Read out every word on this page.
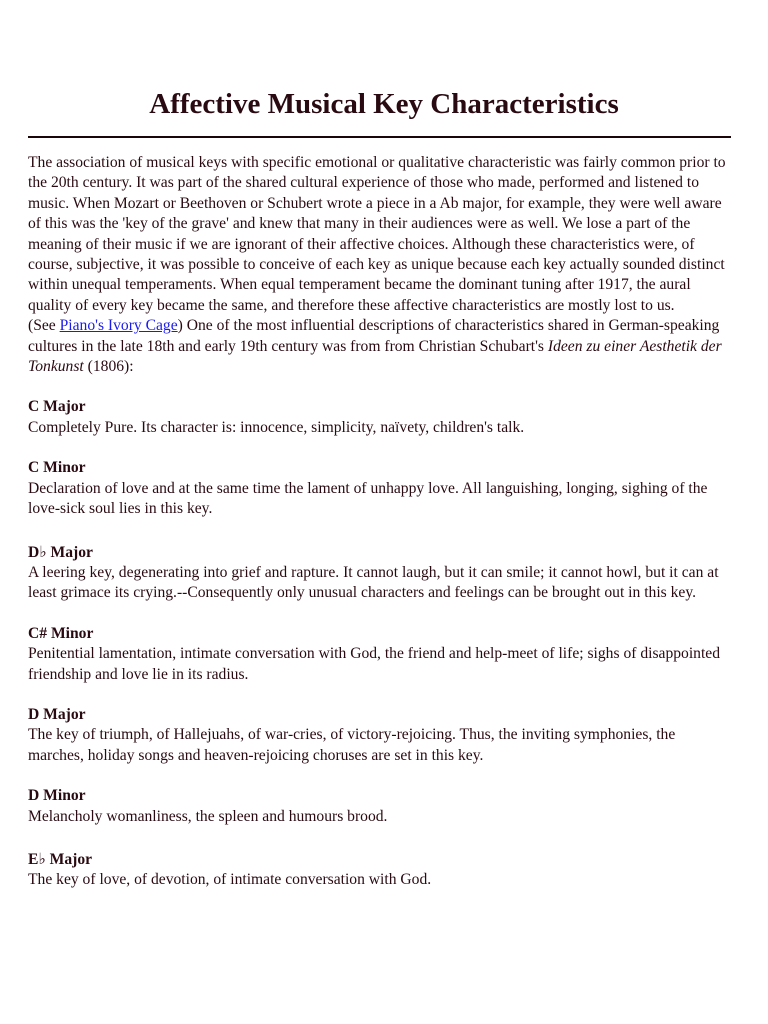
Affective Musical Key Characteristics

The association of musical keys with specific emotional or qualitative characteristic was fairly common prior to the 20th century. It was part of the shared cultural experience of those who made, performed and listened to music. When Mozart or Beethoven or Schubert wrote a piece in a Ab major, for example, they were well aware of this was the 'key of the grave' and knew that many in their audiences were as well. We lose a part of the meaning of their music if we are ignorant of their affective choices. Although these characteristics were, of course, subjective, it was possible to conceive of each key as unique because each key actually sounded distinct within unequal temperaments. When equal temperament became the dominant tuning after 1917, the aural quality of every key became the same, and therefore these affective characteristics are mostly lost to us.
(See Piano's Ivory Cage) One of the most influential descriptions of characteristics shared in German-speaking cultures in the late 18th and early 19th century was from from Christian Schubart's Ideen zu einer Aesthetik der Tonkunst (1806):

C Major
Completely Pure. Its character is: innocence, simplicity, naïvety, children's talk.
C Minor
Declaration of love and at the same time the lament of unhappy love. All languishing, longing, sighing of the love-sick soul lies in this key.
D♭ Major
A leering key, degenerating into grief and rapture. It cannot laugh, but it can smile; it cannot howl, but it can at least grimace its crying.--Consequently only unusual characters and feelings can be brought out in this key.
C# Minor
Penitential lamentation, intimate conversation with God, the friend and help-meet of life; sighs of disappointed friendship and love lie in its radius.
D Major
The key of triumph, of Hallejuahs, of war-cries, of victory-rejoicing. Thus, the inviting symphonies, the marches, holiday songs and heaven-rejoicing choruses are set in this key.
D Minor
Melancholy womanliness, the spleen and humours brood.
E♭ Major
The key of love, of devotion, of intimate conversation with God.
